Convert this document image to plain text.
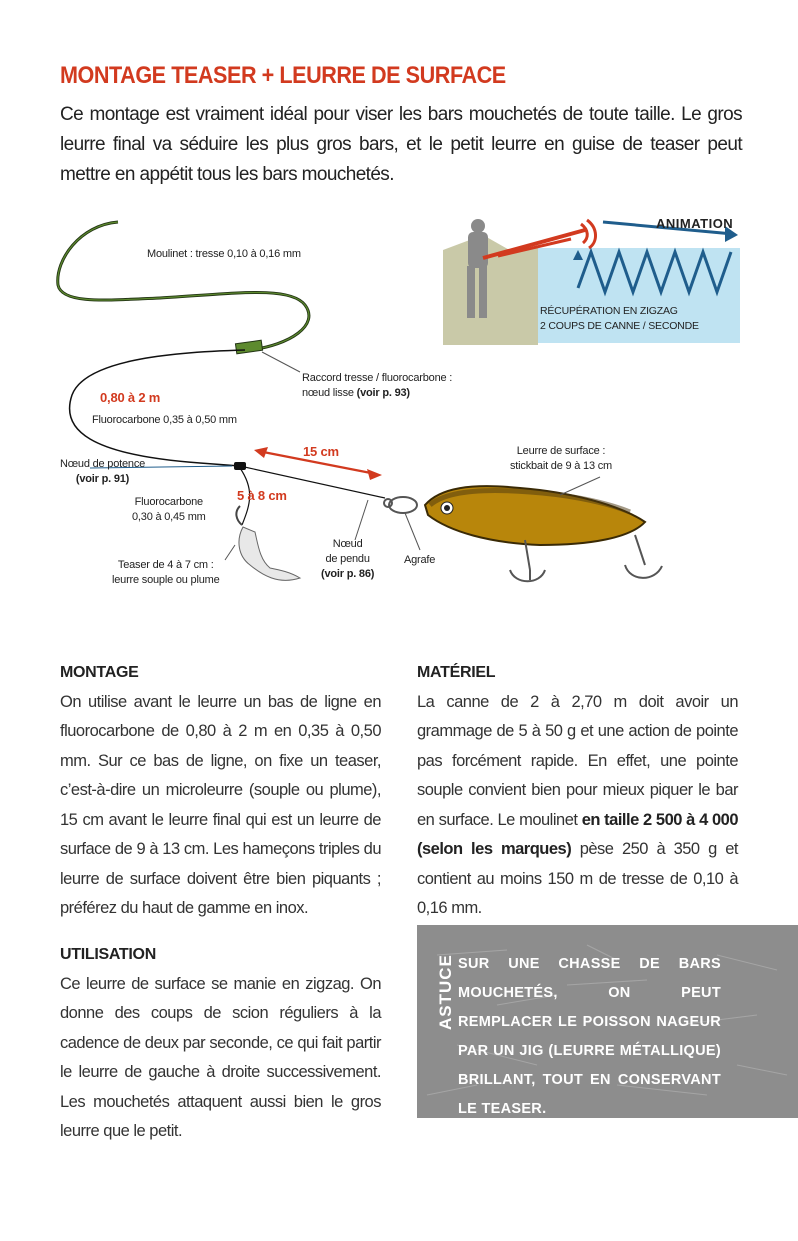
MONTAGE TEASER + LEURRE DE SURFACE
Ce montage est vraiment idéal pour viser les bars mouchetés de toute taille. Le gros leurre final va séduire les plus gros bars, et le petit leurre en guise de teaser peut mettre en appétit tous les bars mouchetés.
Moulinet : tresse 0,10 à 0,16 mm
Raccord tresse / fluorocarbone :
nœud lisse (voir p. 93)
0,80 à 2 m
Fluorocarbone 0,35 à 0,50 mm
Nœud de potence
(voir p. 91)
15 cm
5 à 8 cm
Fluorocarbone
0,30 à 0,45 mm
Leurre de surface :
stickbait de 9 à 13 cm
Teaser de 4 à 7 cm :
leurre souple ou plume
Nœud
de pendu
(voir p. 86)
Agrafe
ANIMATION
RÉCUPÉRATION EN ZIGZAG
2 COUPS DE CANNE / SECONDE
MONTAGE
On utilise avant le leurre un bas de ligne en fluorocarbone de 0,80 à 2 m en 0,35 à 0,50 mm. Sur ce bas de ligne, on fixe un teaser, c’est-à-dire un microleurre (souple ou plume), 15 cm avant le leurre final qui est un leurre de surface de 9 à 13 cm. Les hameçons triples du leurre de surface doivent être bien piquants ; préférez du haut de gamme en inox.
UTILISATION
Ce leurre de surface se manie en zigzag. On donne des coups de scion réguliers à la cadence de deux par seconde, ce qui fait partir le leurre de gauche à droite successivement. Les mouchetés attaquent aussi bien le gros leurre que le petit.
MATÉRIEL
La canne de 2 à 2,70 m doit avoir un grammage de 5 à 50 g et une action de pointe pas forcément rapide. En effet, une pointe souple convient bien pour mieux piquer le bar en surface. Le moulinet en taille 2 500 à 4 000 (selon les marques) pèse 250 à 350 g et contient au moins 150 m de tresse de 0,10 à 0,16 mm.
ASTUCE SUR UNE CHASSE DE BARS MOUCHETÉS, ON PEUT REMPLACER LE POISSON NAGEUR PAR UN JIG (LEURRE MÉTALLIQUE) BRILLANT, TOUT EN CONSERVANT LE TEASER.
